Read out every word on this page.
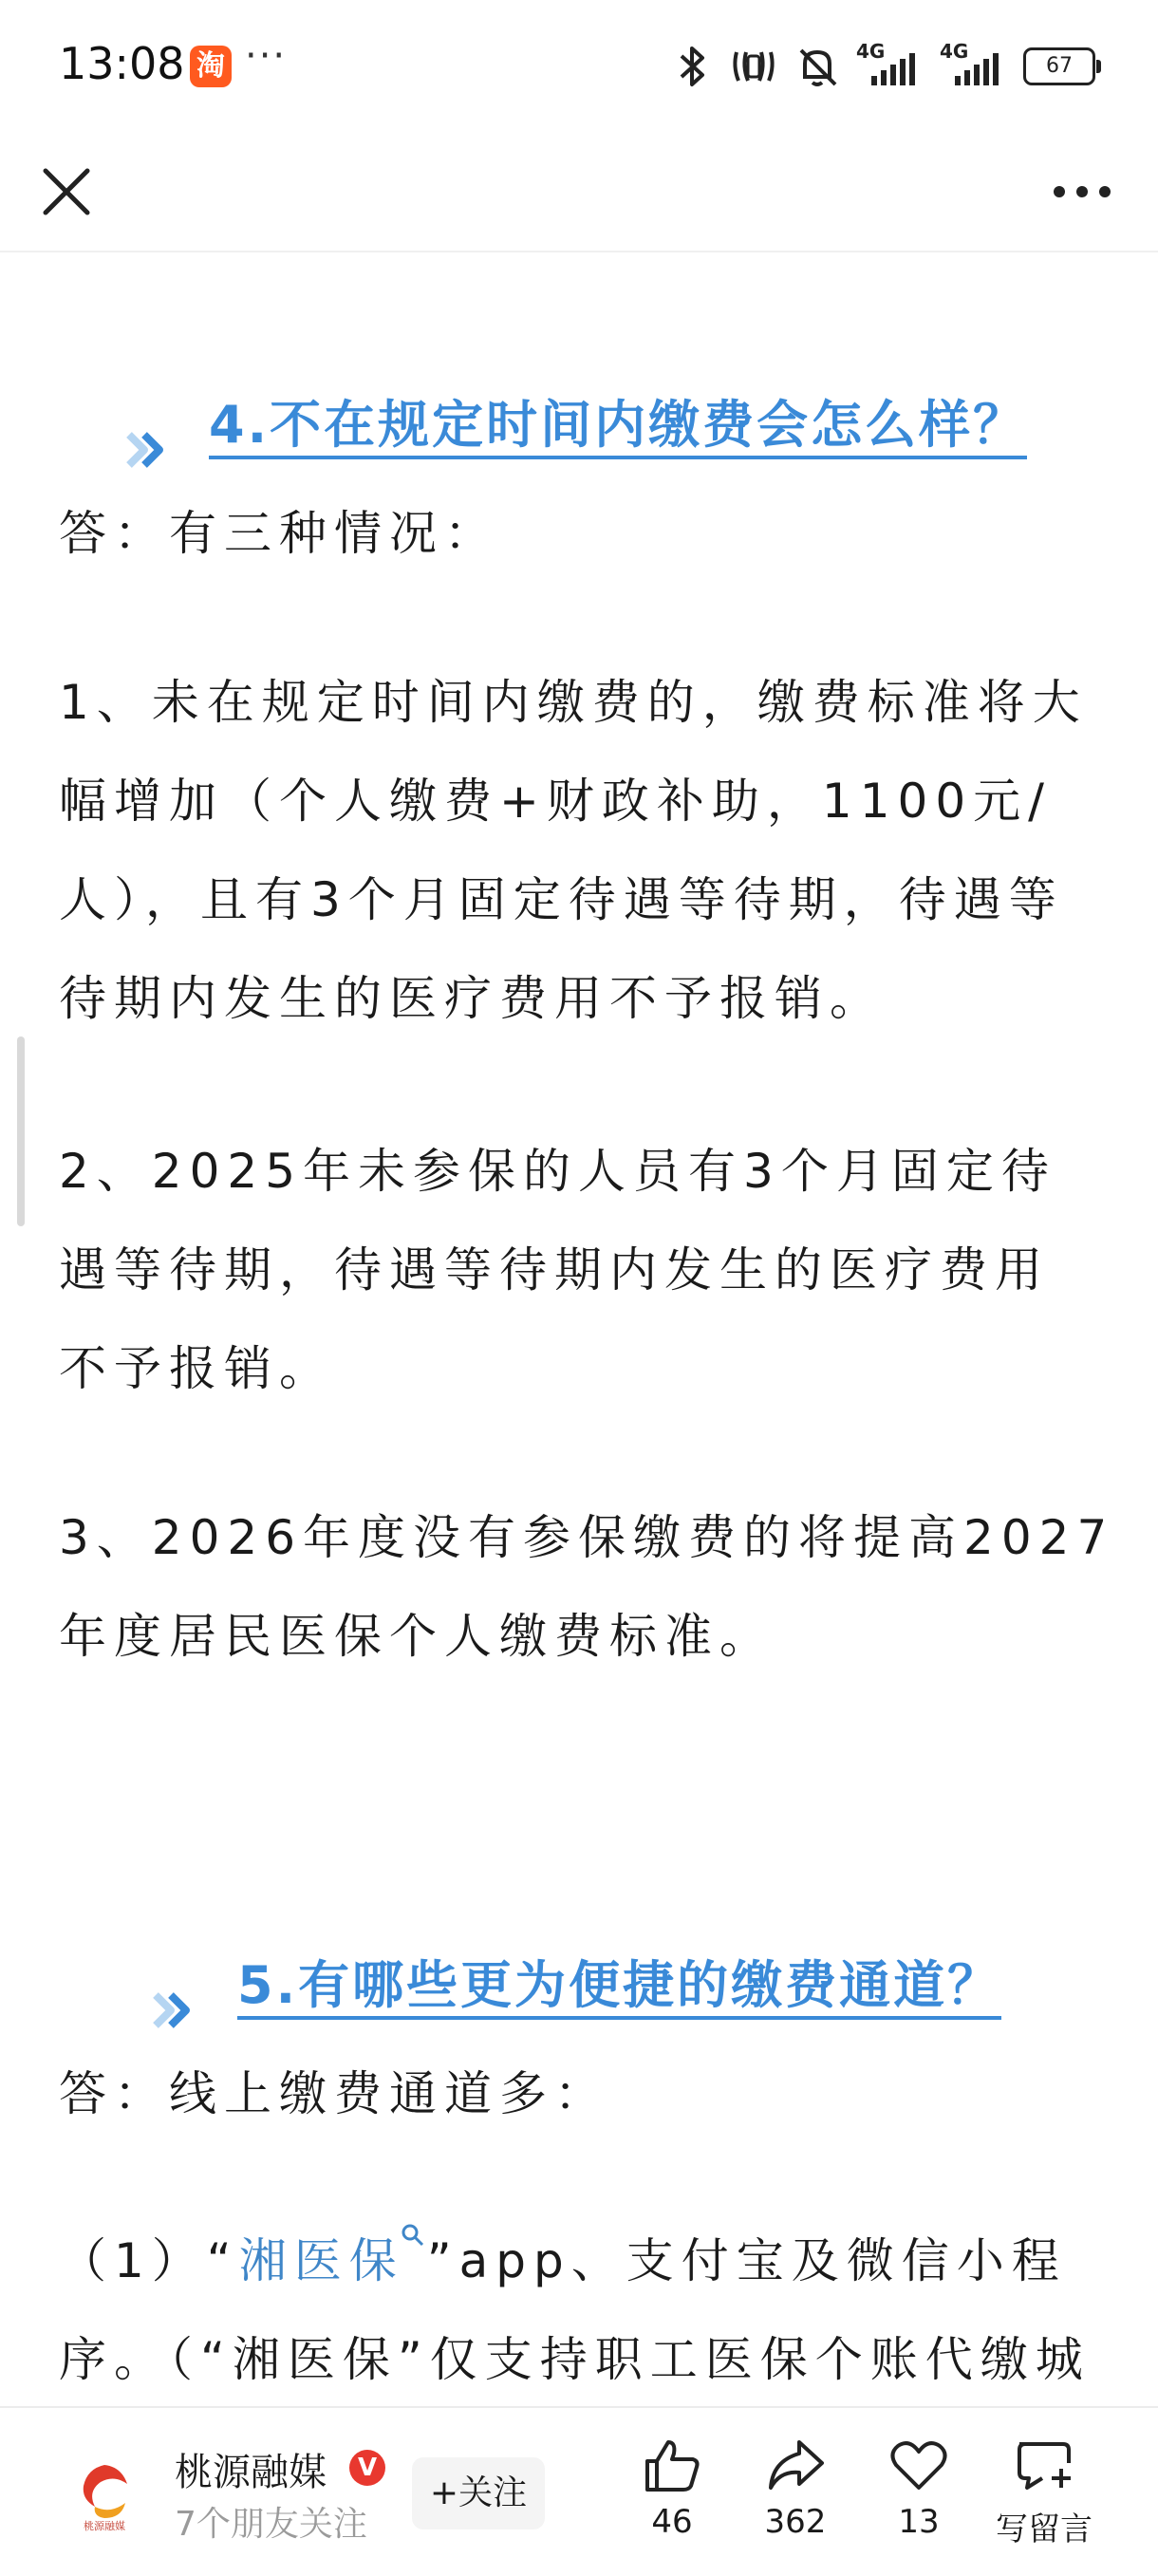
13:08 淘 ···	4G	4G
67
4.不在规定时间内缴费会怎么样？
答：有三种情况：
1、未在规定时间内缴费的，缴费标准将大
幅增加（个人缴费+财政补助，1100元/
人），且有3个月固定待遇等待期，待遇等
待期内发生的医疗费用不予报销。
2、2025年未参保的人员有3个月固定待
遇等待期，待遇等待期内发生的医疗费用
不予报销。
3、2026年度没有参保缴费的将提高2027
年度居民医保个人缴费标准。
5.有哪些更为便捷的缴费通道？
答：线上缴费通道多：
（1）“湘医保 ”app、支付宝及微信小程
序。（“湘医保”仅支持职工医保个账代缴城
桃源融媒
桃源融媒	V
7个朋友关注
+关注
46	362	13	写留言
